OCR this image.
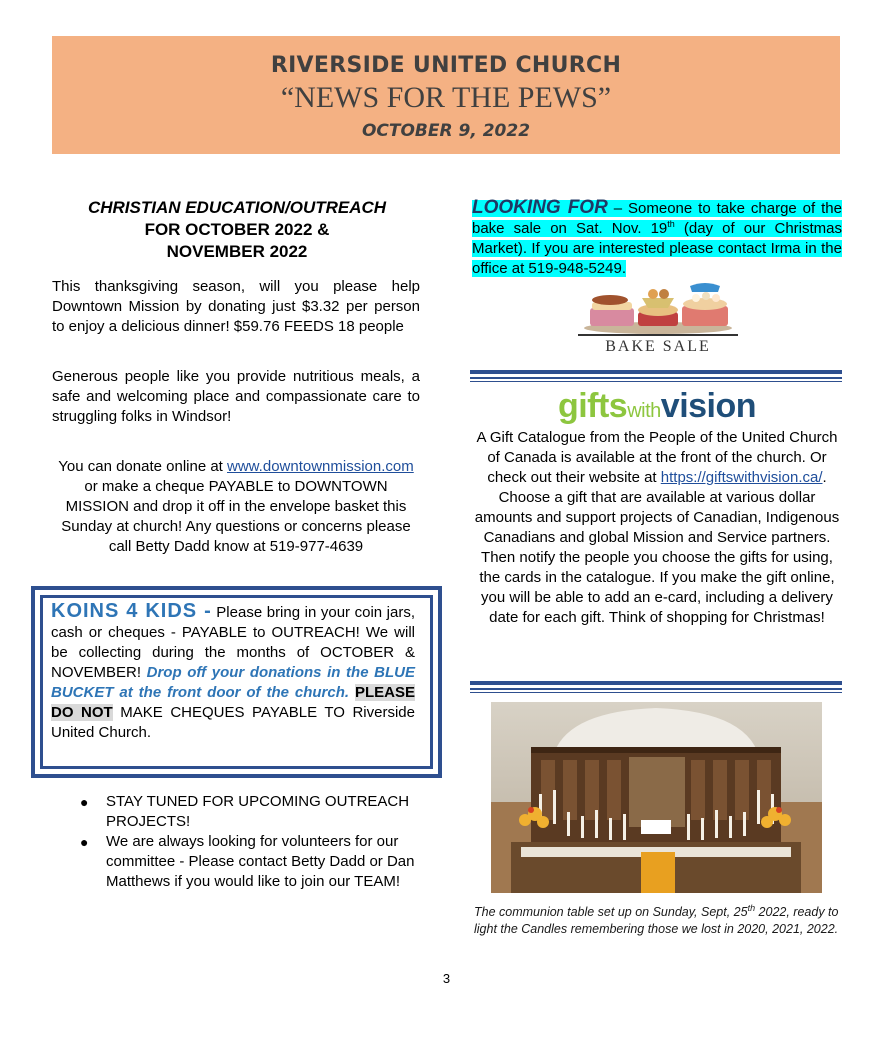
RIVERSIDE UNITED CHURCH
“NEWS FOR THE PEWS”
OCTOBER 9, 2022
CHRISTIAN EDUCATION/OUTREACH
FOR OCTOBER 2022 &
NOVEMBER 2022

This thanksgiving season, will you please help Downtown Mission by donating just $3.32 per person to enjoy a delicious dinner! $59.76 FEEDS 18 people

Generous people like you provide nutritious meals, a safe and welcoming place and compassionate care to struggling folks in Windsor!

You can donate online at www.downtownmission.com or make a cheque PAYABLE to DOWNTOWN MISSION and drop it off in the envelope basket this Sunday at church! Any questions or concerns please call Betty Dadd know at 519-977-4639

KOINS 4 KIDS - Please bring in your coin jars, cash or cheques - PAYABLE to OUTREACH! We will be collecting during the months of OCTOBER & NOVEMBER! Drop off your donations in the BLUE BUCKET at the front door of the church. PLEASE DO NOT MAKE CHEQUES PAYABLE TO Riverside United Church.

● STAY TUNED FOR UPCOMING OUTREACH PROJECTS!
● We are always looking for volunteers for our committee - Please contact Betty Dadd or Dan Matthews if you would like to join our TEAM!

LOOKING FOR – Someone to take charge of the bake sale on Sat. Nov. 19th (day of our Christmas Market). If you are interested please contact Irma in the office at 519-948-5249.

BAKE SALE
giftswithvision

A Gift Catalogue from the People of the United Church of Canada is available at the front of the church. Or check out their website at https://giftswithvision.ca/. Choose a gift that are available at various dollar amounts and support projects of Canadian, Indigenous Canadians and global Mission and Service partners. Then notify the people you choose the gifts for using, the cards in the catalogue. If you make the gift online, you will be able to add an e-card, including a delivery date for each gift. Think of shopping for Christmas!

The communion table set up on Sunday, Sept, 25th 2022, ready to light the Candles remembering those we lost in 2020, 2021, 2022.

3
